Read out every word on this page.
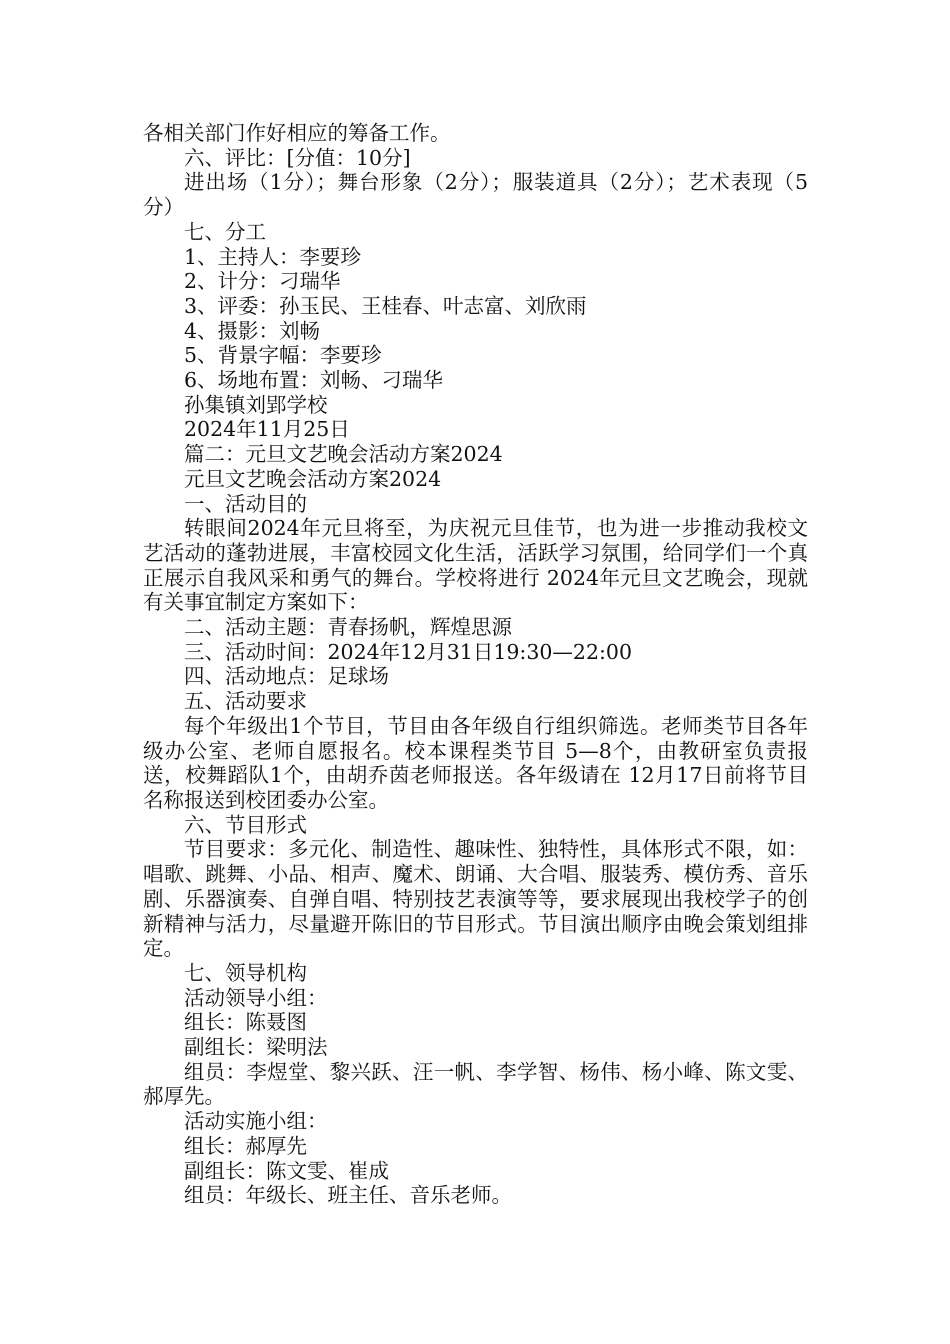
各相关部门作好相应的筹备工作。

六、评比：[分值：10分]

进出场（1分）；舞台形象（2分）；服装道具（2分）；艺术表现（5分）

七、分工

1、主持人：李要珍

2、计分：刁瑞华

3、评委：孙玉民、王桂春、叶志富、刘欣雨

4、摄影：刘畅

5、背景字幅：李要珍

6、场地布置：刘畅、刁瑞华

孙集镇刘郢学校

2024年11月25日

篇二：元旦文艺晚会活动方案2024

元旦文艺晚会活动方案2024

一、活动目的

转眼间2024年元旦将至，为庆祝元旦佳节，也为进一步推动我校文艺活动的蓬勃进展，丰富校园文化生活，活跃学习氛围，给同学们一个真正展示自我风采和勇气的舞台。学校将进行 2024年元旦文艺晚会，现就有关事宜制定方案如下：

二、活动主题：青春扬帆，辉煌思源

三、活动时间：2024年12月31日19:30—22:00

四、活动地点：足球场

五、活动要求

每个年级出1个节目，节目由各年级自行组织筛选。老师类节目各年级办公室、老师自愿报名。校本课程类节目 5—8个，由教研室负责报送，校舞蹈队1个，由胡乔茵老师报送。各年级请在 12月17日前将节目名称报送到校团委办公室。

六、节目形式

节目要求：多元化、制造性、趣味性、独特性，具体形式不限，如：唱歌、跳舞、小品、相声、魔术、朗诵、大合唱、服装秀、模仿秀、音乐剧、乐器演奏、自弹自唱、特别技艺表演等等，要求展现出我校学子的创新精神与活力，尽量避开陈旧的节目形式。节目演出顺序由晚会策划组排定。

七、领导机构

活动领导小组：

组长：陈聂图

副组长：梁明法

组员：李煜堂、黎兴跃、汪一帆、李学智、杨伟、杨小峰、陈文雯、郝厚先。

活动实施小组：

组长：郝厚先

副组长：陈文雯、崔成

组员：年级长、班主任、音乐老师。
